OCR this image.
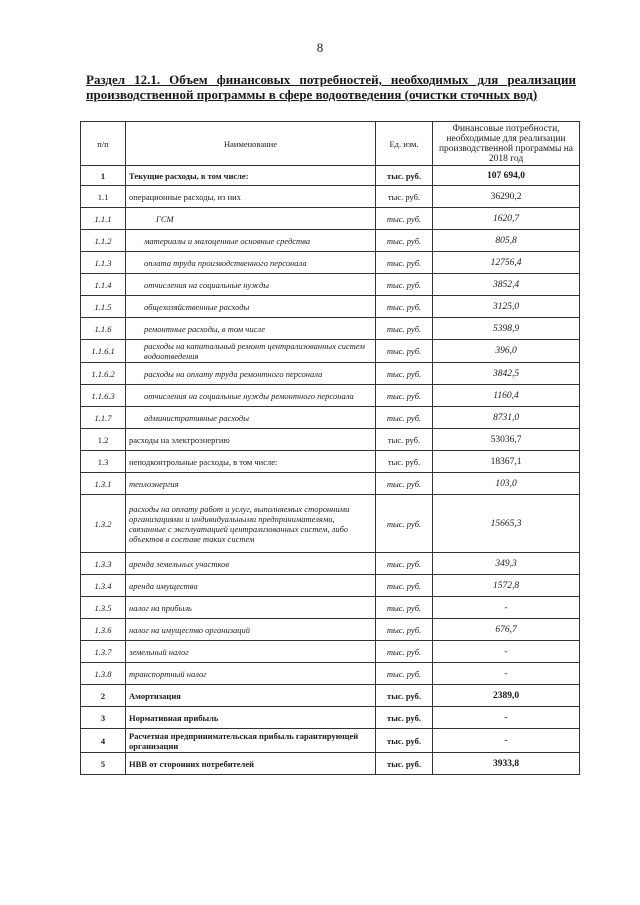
8
Раздел 12.1. Объем финансовых потребностей, необходимых для реализации производственной программы в сфере водоотведения (очистки сточных вод)
п/п	Наименование	Ед. изм.	Финансовые потребности, необходимые для реализации производственной программы на 2018 год
1	Текущие расходы, в том числе:	тыс. руб.	107 694,0
1.1	операционные расходы, из них	тыс. руб.	36290,2
1.1.1	ГСМ	тыс. руб.	1620,7
1.1.2	материалы и малоценные основные средства	тыс. руб.	805,8
1.1.3	оплата труда производственного персонала	тыс. руб.	12756,4
1.1.4	отчисления на социальные нужды	тыс. руб.	3852,4
1.1.5	общехозяйственные расходы	тыс. руб.	3125,0
1.1.6	ремонтные расходы, в том числе	тыс. руб.	5398,9
1.1.6.1	расходы на капитальный ремонт централизованных систем водоотведения	тыс. руб.	396,0
1.1.6.2	расходы на оплату труда ремонтного персонала	тыс. руб.	3842,5
1.1.6.3	отчисления на социальные нужды ремонтного персонала	тыс. руб.	1160,4
1.1.7	административные расходы	тыс. руб.	8731,0
1.2	расходы на электроэнергию	тыс. руб.	53036,7
1.3	неподконтрольные расходы, в том числе:	тыс. руб.	18367,1
1.3.1	теплоэнергия	тыс. руб.	103,0
1.3.2	расходы на оплату работ и услуг, выполняемых сторонними организациями и индивидуальными предпринимателями, связанные с эксплуатацией централизованных систем, либо объектов в составе таких систем	тыс. руб.	15665,3
1.3.3	аренда земельных участков	тыс. руб.	349,3
1.3.4	аренда имущества	тыс. руб.	1572,8
1.3.5	налог на прибыль	тыс. руб.	-
1.3.6	налог на имущество организаций	тыс. руб.	676,7
1.3.7	земельный налог	тыс. руб.	-
1.3.8	транспортный налог	тыс. руб.	-
2	Амортизация	тыс. руб.	2389,0
3	Нормативная прибыль	тыс. руб.	-
4	Расчетная предпринимательская прибыль гарантирующей организации	тыс. руб.	-
5	НВВ от сторонних потребителей	тыс. руб.	3933,8
